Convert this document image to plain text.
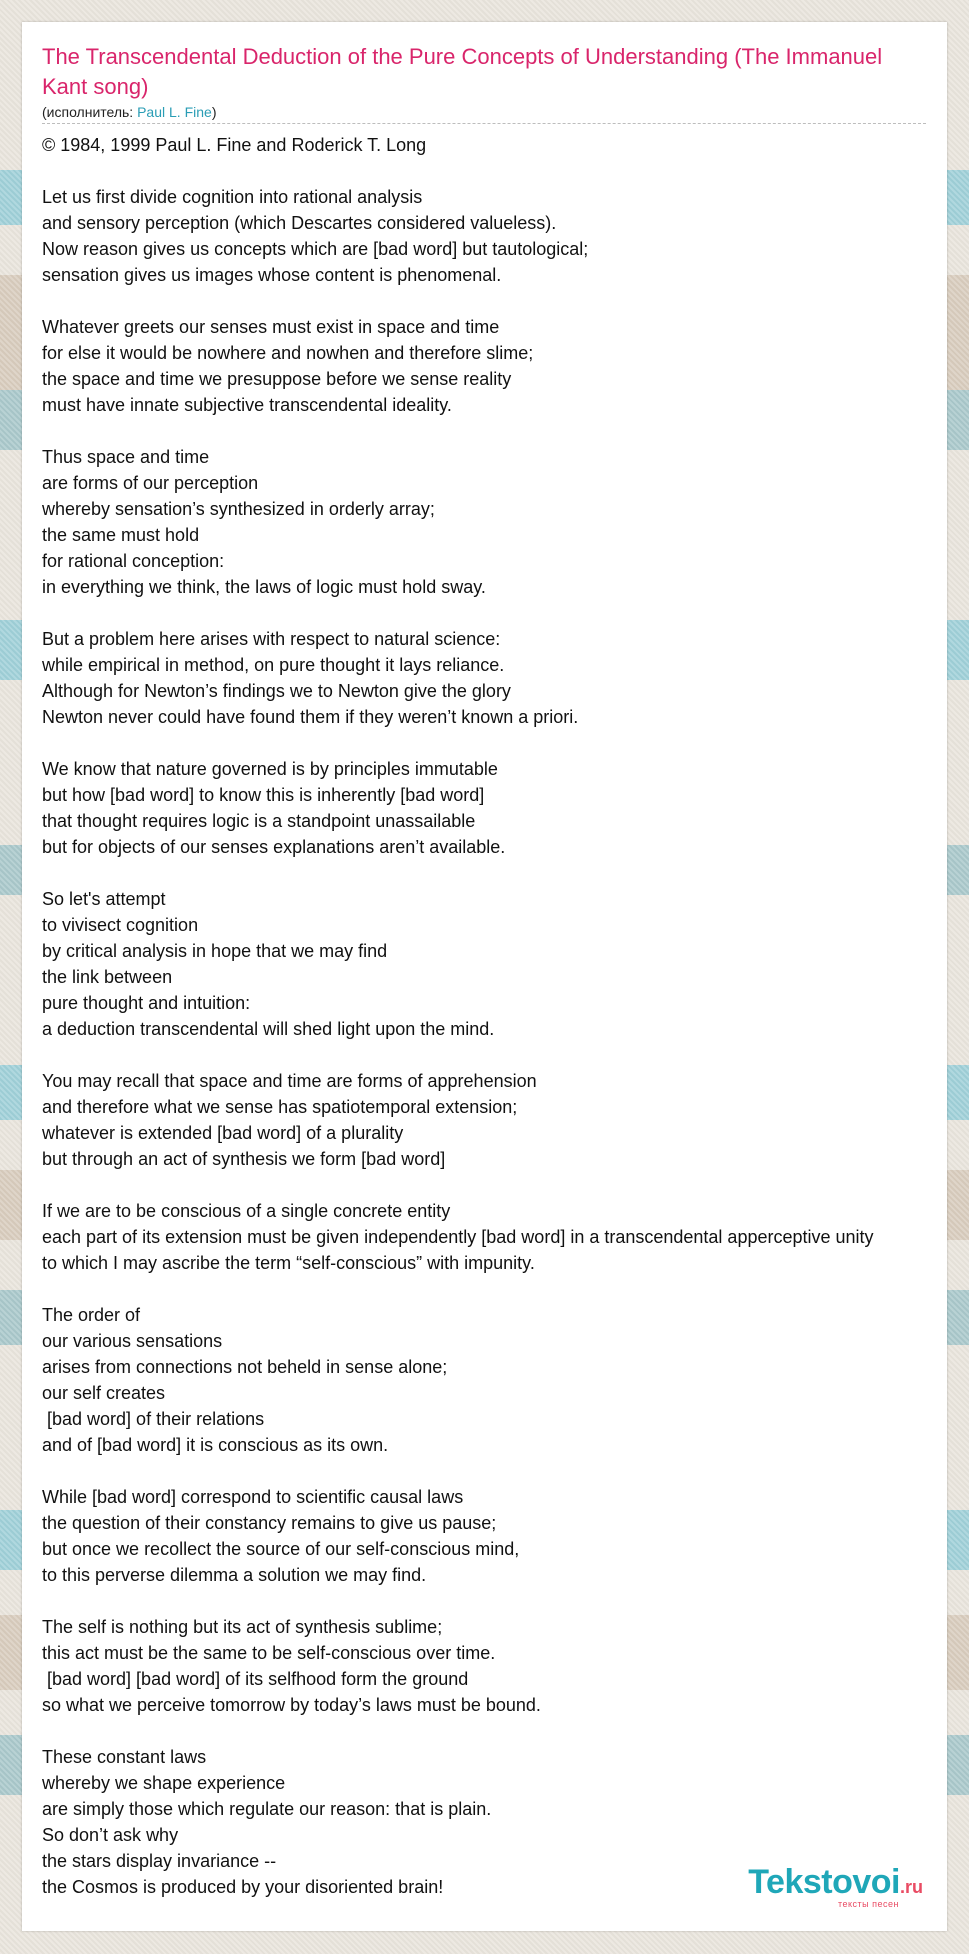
The Transcendental Deduction of the Pure Concepts of Understanding (The Immanuel Kant song)
(исполнитель: Paul L. Fine)
© 1984, 1999 Paul L. Fine and Roderick T. Long
Let us first divide cognition into rational analysis
and sensory perception (which Descartes considered valueless).
Now reason gives us concepts which are [bad word] but tautological;
sensation gives us images whose content is phenomenal.
Whatever greets our senses must exist in space and time
for else it would be nowhere and nowhen and therefore slime;
the space and time we presuppose before we sense reality
must have innate subjective transcendental ideality.
Thus space and time
are forms of our perception
whereby sensation’s synthesized in orderly array;
the same must hold
for rational conception:
in everything we think, the laws of logic must hold sway.
But a problem here arises with respect to natural science:
while empirical in method, on pure thought it lays reliance.
Although for Newton’s findings we to Newton give the glory
Newton never could have found them if they weren’t known a priori.
We know that nature governed is by principles immutable
but how [bad word] to know this is inherently [bad word]
that thought requires logic is a standpoint unassailable
but for objects of our senses explanations aren’t available.
So let's attempt
to vivisect cognition
by critical analysis in hope that we may find
the link between
pure thought and intuition:
a deduction transcendental will shed light upon the mind.
You may recall that space and time are forms of apprehension
and therefore what we sense has spatiotemporal extension;
whatever is extended [bad word] of a plurality
but through an act of synthesis we form [bad word]
If we are to be conscious of a single concrete entity
each part of its extension must be given independently [bad word] in a transcendental apperceptive unity
to which I may ascribe the term “self-conscious” with impunity.
The order of
our various sensations
arises from connections not beheld in sense alone;
our self creates
[bad word] of their relations
and of [bad word] it is conscious as its own.
While [bad word] correspond to scientific causal laws
the question of their constancy remains to give us pause;
but once we recollect the source of our self-conscious mind,
to this perverse dilemma a solution we may find.
The self is nothing but its act of synthesis sublime;
this act must be the same to be self-conscious over time.
[bad word] [bad word] of its selfhood form the ground
so what we perceive tomorrow by today’s laws must be bound.
These constant laws
whereby we shape experience
are simply those which regulate our reason: that is plain.
So don’t ask why
the stars display invariance --
the Cosmos is produced by your disoriented brain!	Tekstovoi.ru
тексты песен
